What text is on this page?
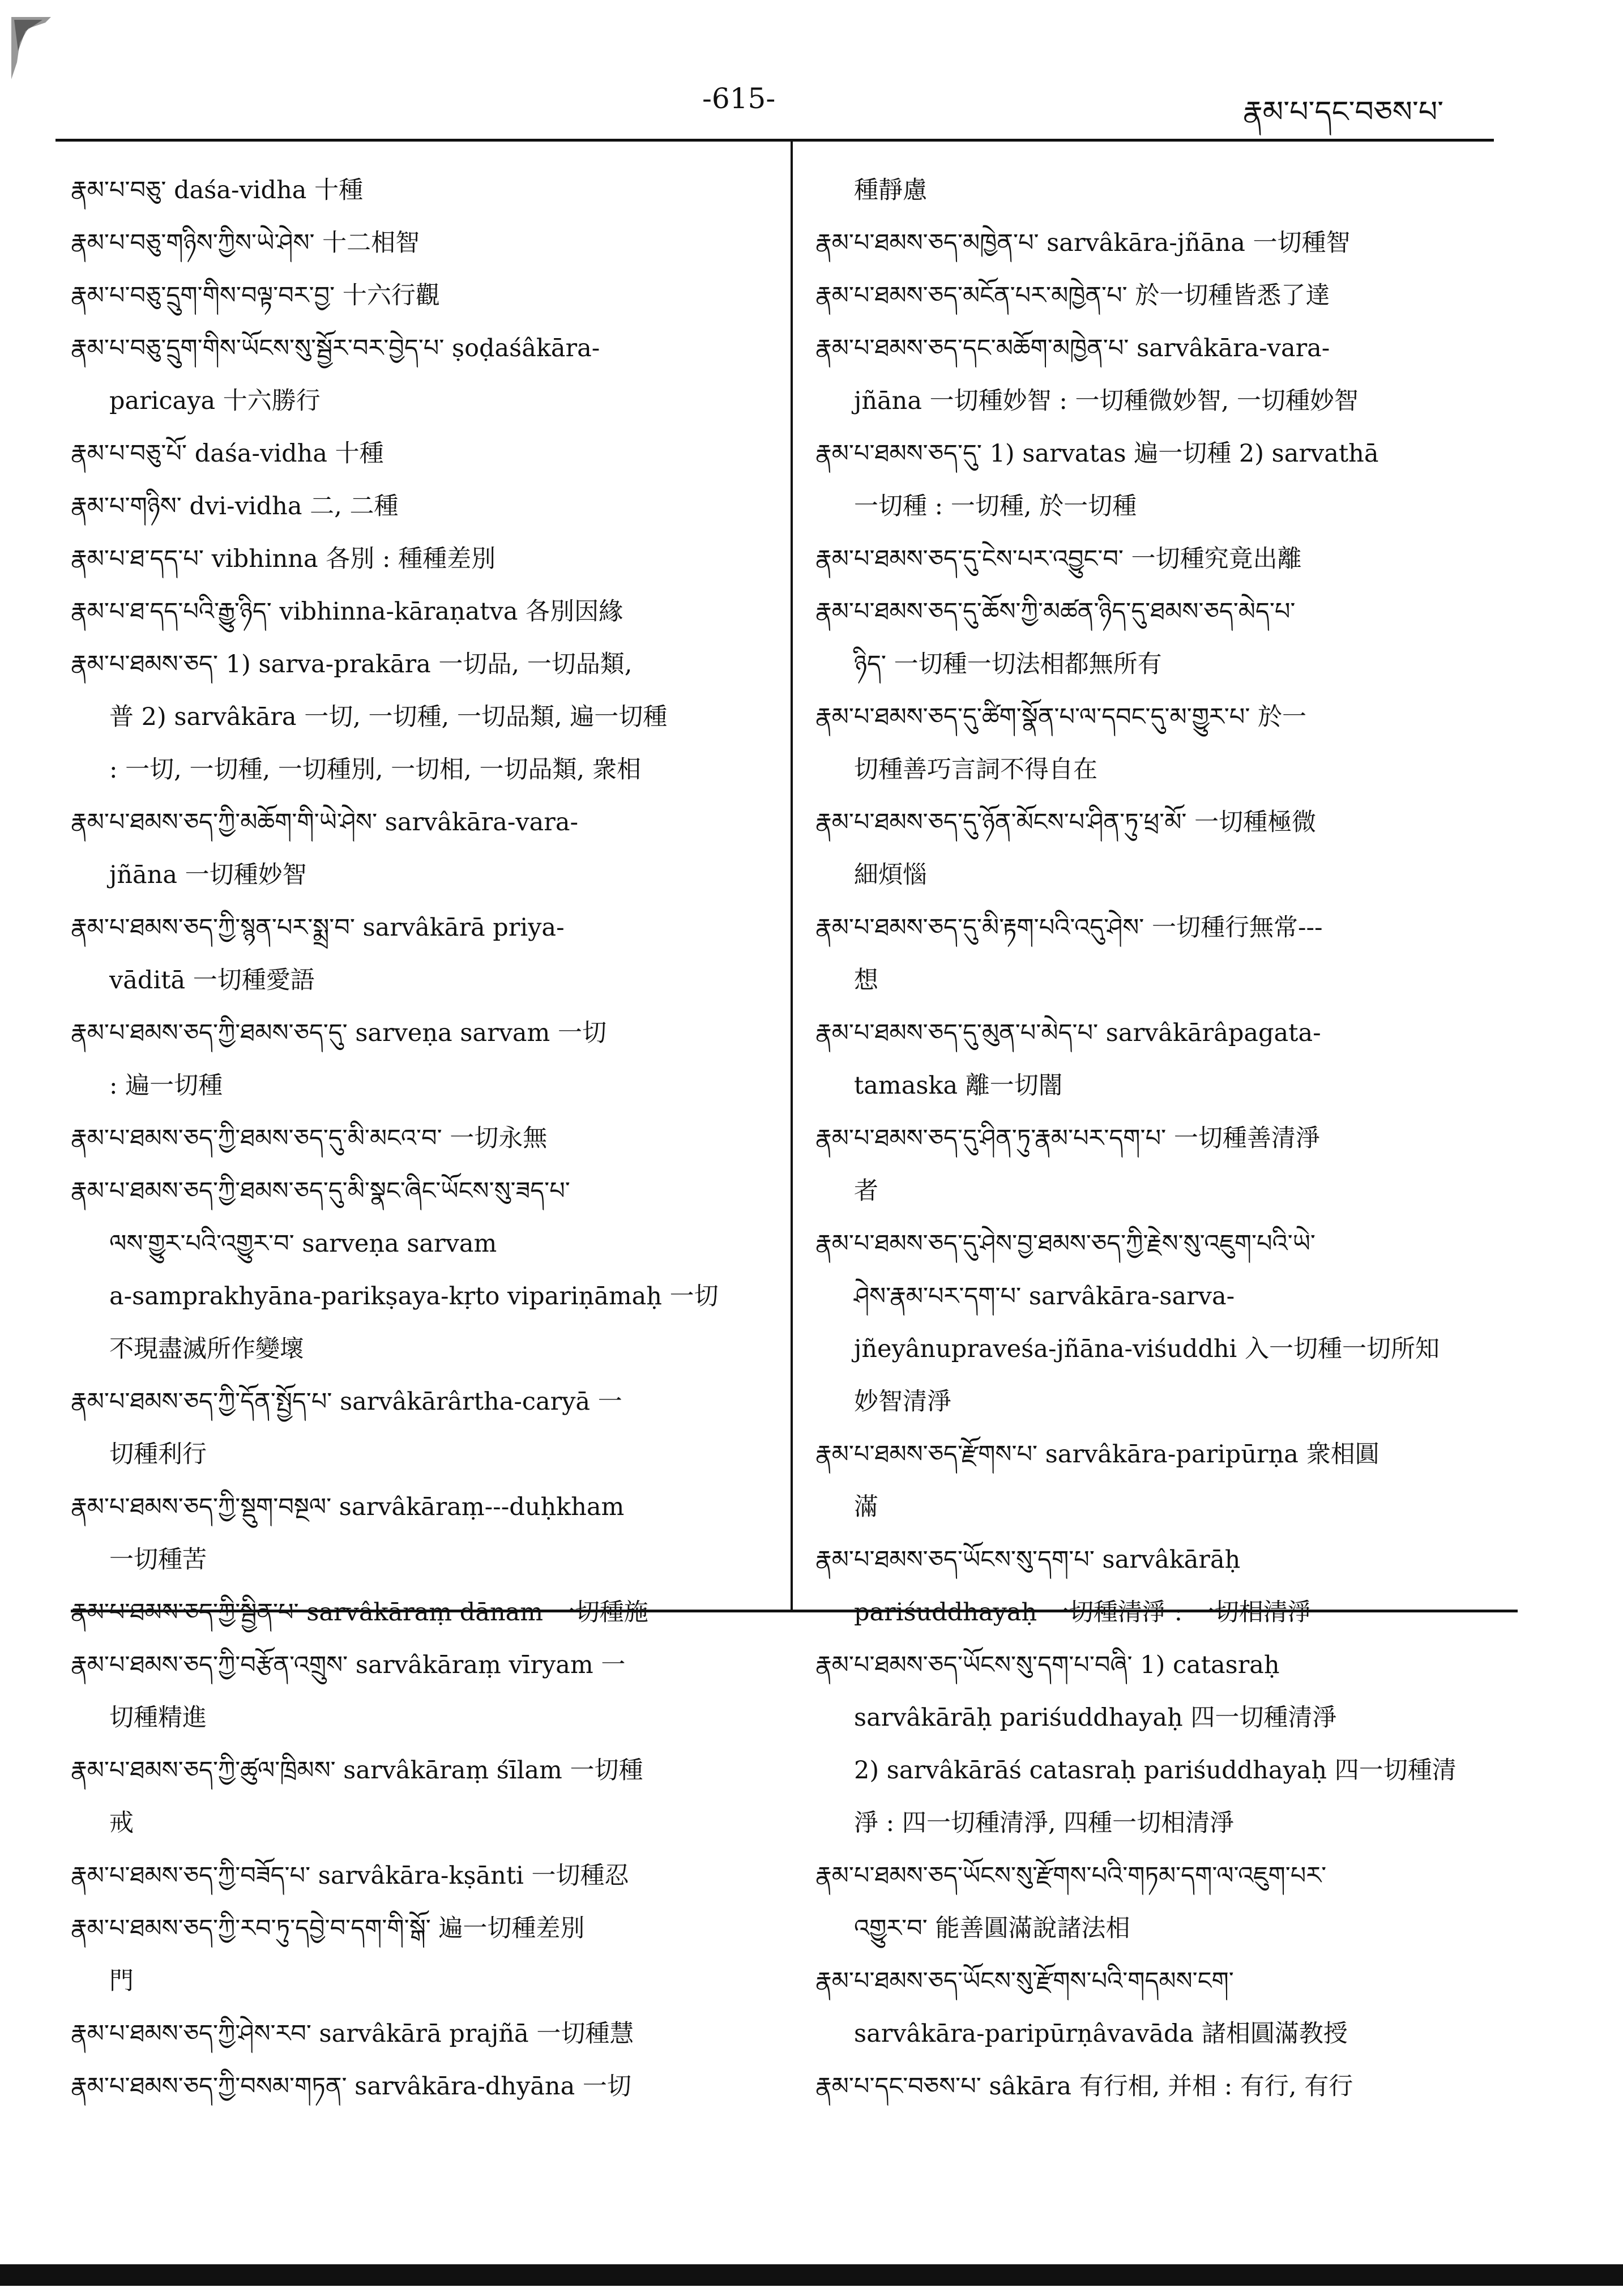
-615-	རྣམ་པ་དང་བཅས་པ་
རྣམ་པ་བཅུ་ daśa-vidha 十種
རྣམ་པ་བཅུ་གཉིས་ཀྱིས་ཡེ་ཤེས་ 十二相智
རྣམ་པ་བཅུ་དྲུག་གིས་བལྟ་བར་བྱ་ 十六行觀
རྣམ་པ་བཅུ་དྲུག་གིས་ཡོངས་སུ་སྦྱོར་བར་བྱེད་པ་ ṣoḍaśâkāra-
paricaya 十六勝行
རྣམ་པ་བཅུ་པོ་ daśa-vidha 十種
རྣམ་པ་གཉིས་ dvi-vidha 二, 二種
རྣམ་པ་ཐ་དད་པ་ vibhinna 各別 : 種種差別
རྣམ་པ་ཐ་དད་པའི་རྒྱུ་ཉིད་ vibhinna-kāraṇatva 各別因緣
རྣམ་པ་ཐམས་ཅད་ 1) sarva-prakāra 一切品, 一切品類,
普 2) sarvâkāra 一切, 一切種, 一切品類, 遍一切種
: 一切, 一切種, 一切種別, 一切相, 一切品類, 衆相
རྣམ་པ་ཐམས་ཅད་ཀྱི་མཆོག་གི་ཡེ་ཤེས་ sarvâkāra-vara-
jñāna 一切種妙智
རྣམ་པ་ཐམས་ཅད་ཀྱི་སྙན་པར་སྨྲ་བ་ sarvâkārā priya-
vāditā 一切種愛語
རྣམ་པ་ཐམས་ཅད་ཀྱི་ཐམས་ཅད་དུ་ sarveṇa sarvam 一切
: 遍一切種
རྣམ་པ་ཐམས་ཅད་ཀྱི་ཐམས་ཅད་དུ་མི་མངའ་བ་ 一切永無
རྣམ་པ་ཐམས་ཅད་ཀྱི་ཐམས་ཅད་དུ་མི་སྣང་ཞིང་ཡོངས་སུ་ཟད་པ་
ལས་གྱུར་པའི་འགྱུར་བ་ sarveṇa sarvam
a-samprakhyāna-parikṣaya-kṛto vipariṇāmaḥ 一切
不現盡滅所作變壞
རྣམ་པ་ཐམས་ཅད་ཀྱི་དོན་སྤྱོད་པ་ sarvâkārârtha-caryā 一
切種利行
རྣམ་པ་ཐམས་ཅད་ཀྱི་སྡུག་བསྔལ་ sarvâkāraṃ---duḥkham
一切種苦
རྣམ་པ་ཐམས་ཅད་ཀྱི་སྦྱིན་པ་ sarvâkāraṃ dānam 一切種施
རྣམ་པ་ཐམས་ཅད་ཀྱི་བརྩོན་འགྲུས་ sarvâkāraṃ vīryam 一
切種精進
རྣམ་པ་ཐམས་ཅད་ཀྱི་ཚུལ་ཁྲིམས་ sarvâkāraṃ śīlam 一切種
戒
རྣམ་པ་ཐམས་ཅད་ཀྱི་བཟོད་པ་ sarvâkāra-kṣānti 一切種忍
རྣམ་པ་ཐམས་ཅད་ཀྱི་རབ་ཏུ་དབྱེ་བ་དག་གི་སྒོ་ 遍一切種差別
門
རྣམ་པ་ཐམས་ཅད་ཀྱི་ཤེས་རབ་ sarvâkārā prajñā 一切種慧
རྣམ་པ་ཐམས་ཅད་ཀྱི་བསམ་གཏན་ sarvâkāra-dhyāna 一切
種靜慮
རྣམ་པ་ཐམས་ཅད་མཁྱེན་པ་ sarvâkāra-jñāna 一切種智
རྣམ་པ་ཐམས་ཅད་མངོན་པར་མཁྱེན་པ་ 於一切種皆悉了達
རྣམ་པ་ཐམས་ཅད་དང་མཆོག་མཁྱེན་པ་ sarvâkāra-vara-
jñāna 一切種妙智 : 一切種微妙智, 一切種妙智
རྣམ་པ་ཐམས་ཅད་དུ་ 1) sarvatas 遍一切種 2) sarvathā
一切種 : 一切種, 於一切種
རྣམ་པ་ཐམས་ཅད་དུ་ངེས་པར་འབྱུང་བ་ 一切種究竟出離
རྣམ་པ་ཐམས་ཅད་དུ་ཆོས་ཀྱི་མཚན་ཉིད་དུ་ཐམས་ཅད་མེད་པ་
ཉིད་ 一切種一切法相都無所有
རྣམ་པ་ཐམས་ཅད་དུ་ཚིག་སྣོན་པ་ལ་དབང་དུ་མ་གྱུར་པ་ 於一
切種善巧言詞不得自在
རྣམ་པ་ཐམས་ཅད་དུ་ཉོན་མོངས་པ་ཤིན་ཏུ་ཕྲ་མོ་ 一切種極微
細煩惱
རྣམ་པ་ཐམས་ཅད་དུ་མི་རྟག་པའི་འདུ་ཤེས་ 一切種行無常---
想
རྣམ་པ་ཐམས་ཅད་དུ་མུན་པ་མེད་པ་ sarvâkārâpagata-
tamaska 離一切闇
རྣམ་པ་ཐམས་ཅད་དུ་ཤིན་ཏུ་རྣམ་པར་དག་པ་ 一切種善清淨
者
རྣམ་པ་ཐམས་ཅད་དུ་ཤེས་བྱ་ཐམས་ཅད་ཀྱི་རྗེས་སུ་འཇུག་པའི་ཡེ་
ཤེས་རྣམ་པར་དག་པ་ sarvâkāra-sarva-
jñeyânupraveśa-jñāna-viśuddhi 入一切種一切所知
妙智清淨
རྣམ་པ་ཐམས་ཅད་རྫོགས་པ་ sarvâkāra-paripūrṇa 衆相圓
滿
རྣམ་པ་ཐམས་ཅད་ཡོངས་སུ་དག་པ་ sarvâkārāḥ
pariśuddhayaḥ 一切種清淨 : 一切相清淨
རྣམ་པ་ཐམས་ཅད་ཡོངས་སུ་དག་པ་བཞི་ 1) catasraḥ
sarvâkārāḥ pariśuddhayaḥ 四一切種清淨
2) sarvâkārāś catasraḥ pariśuddhayaḥ 四一切種清
淨 : 四一切種清淨, 四種一切相清淨
རྣམ་པ་ཐམས་ཅད་ཡོངས་སུ་རྫོགས་པའི་གཏམ་དག་ལ་འཇུག་པར་
འགྱུར་བ་ 能善圓滿說諸法相
རྣམ་པ་ཐམས་ཅད་ཡོངས་སུ་རྫོགས་པའི་གདམས་ངག་
sarvâkāra-paripūrṇâvavāda 諸相圓滿教授
རྣམ་པ་དང་བཅས་པ་ sâkāra 有行相, 并相 : 有行, 有行
